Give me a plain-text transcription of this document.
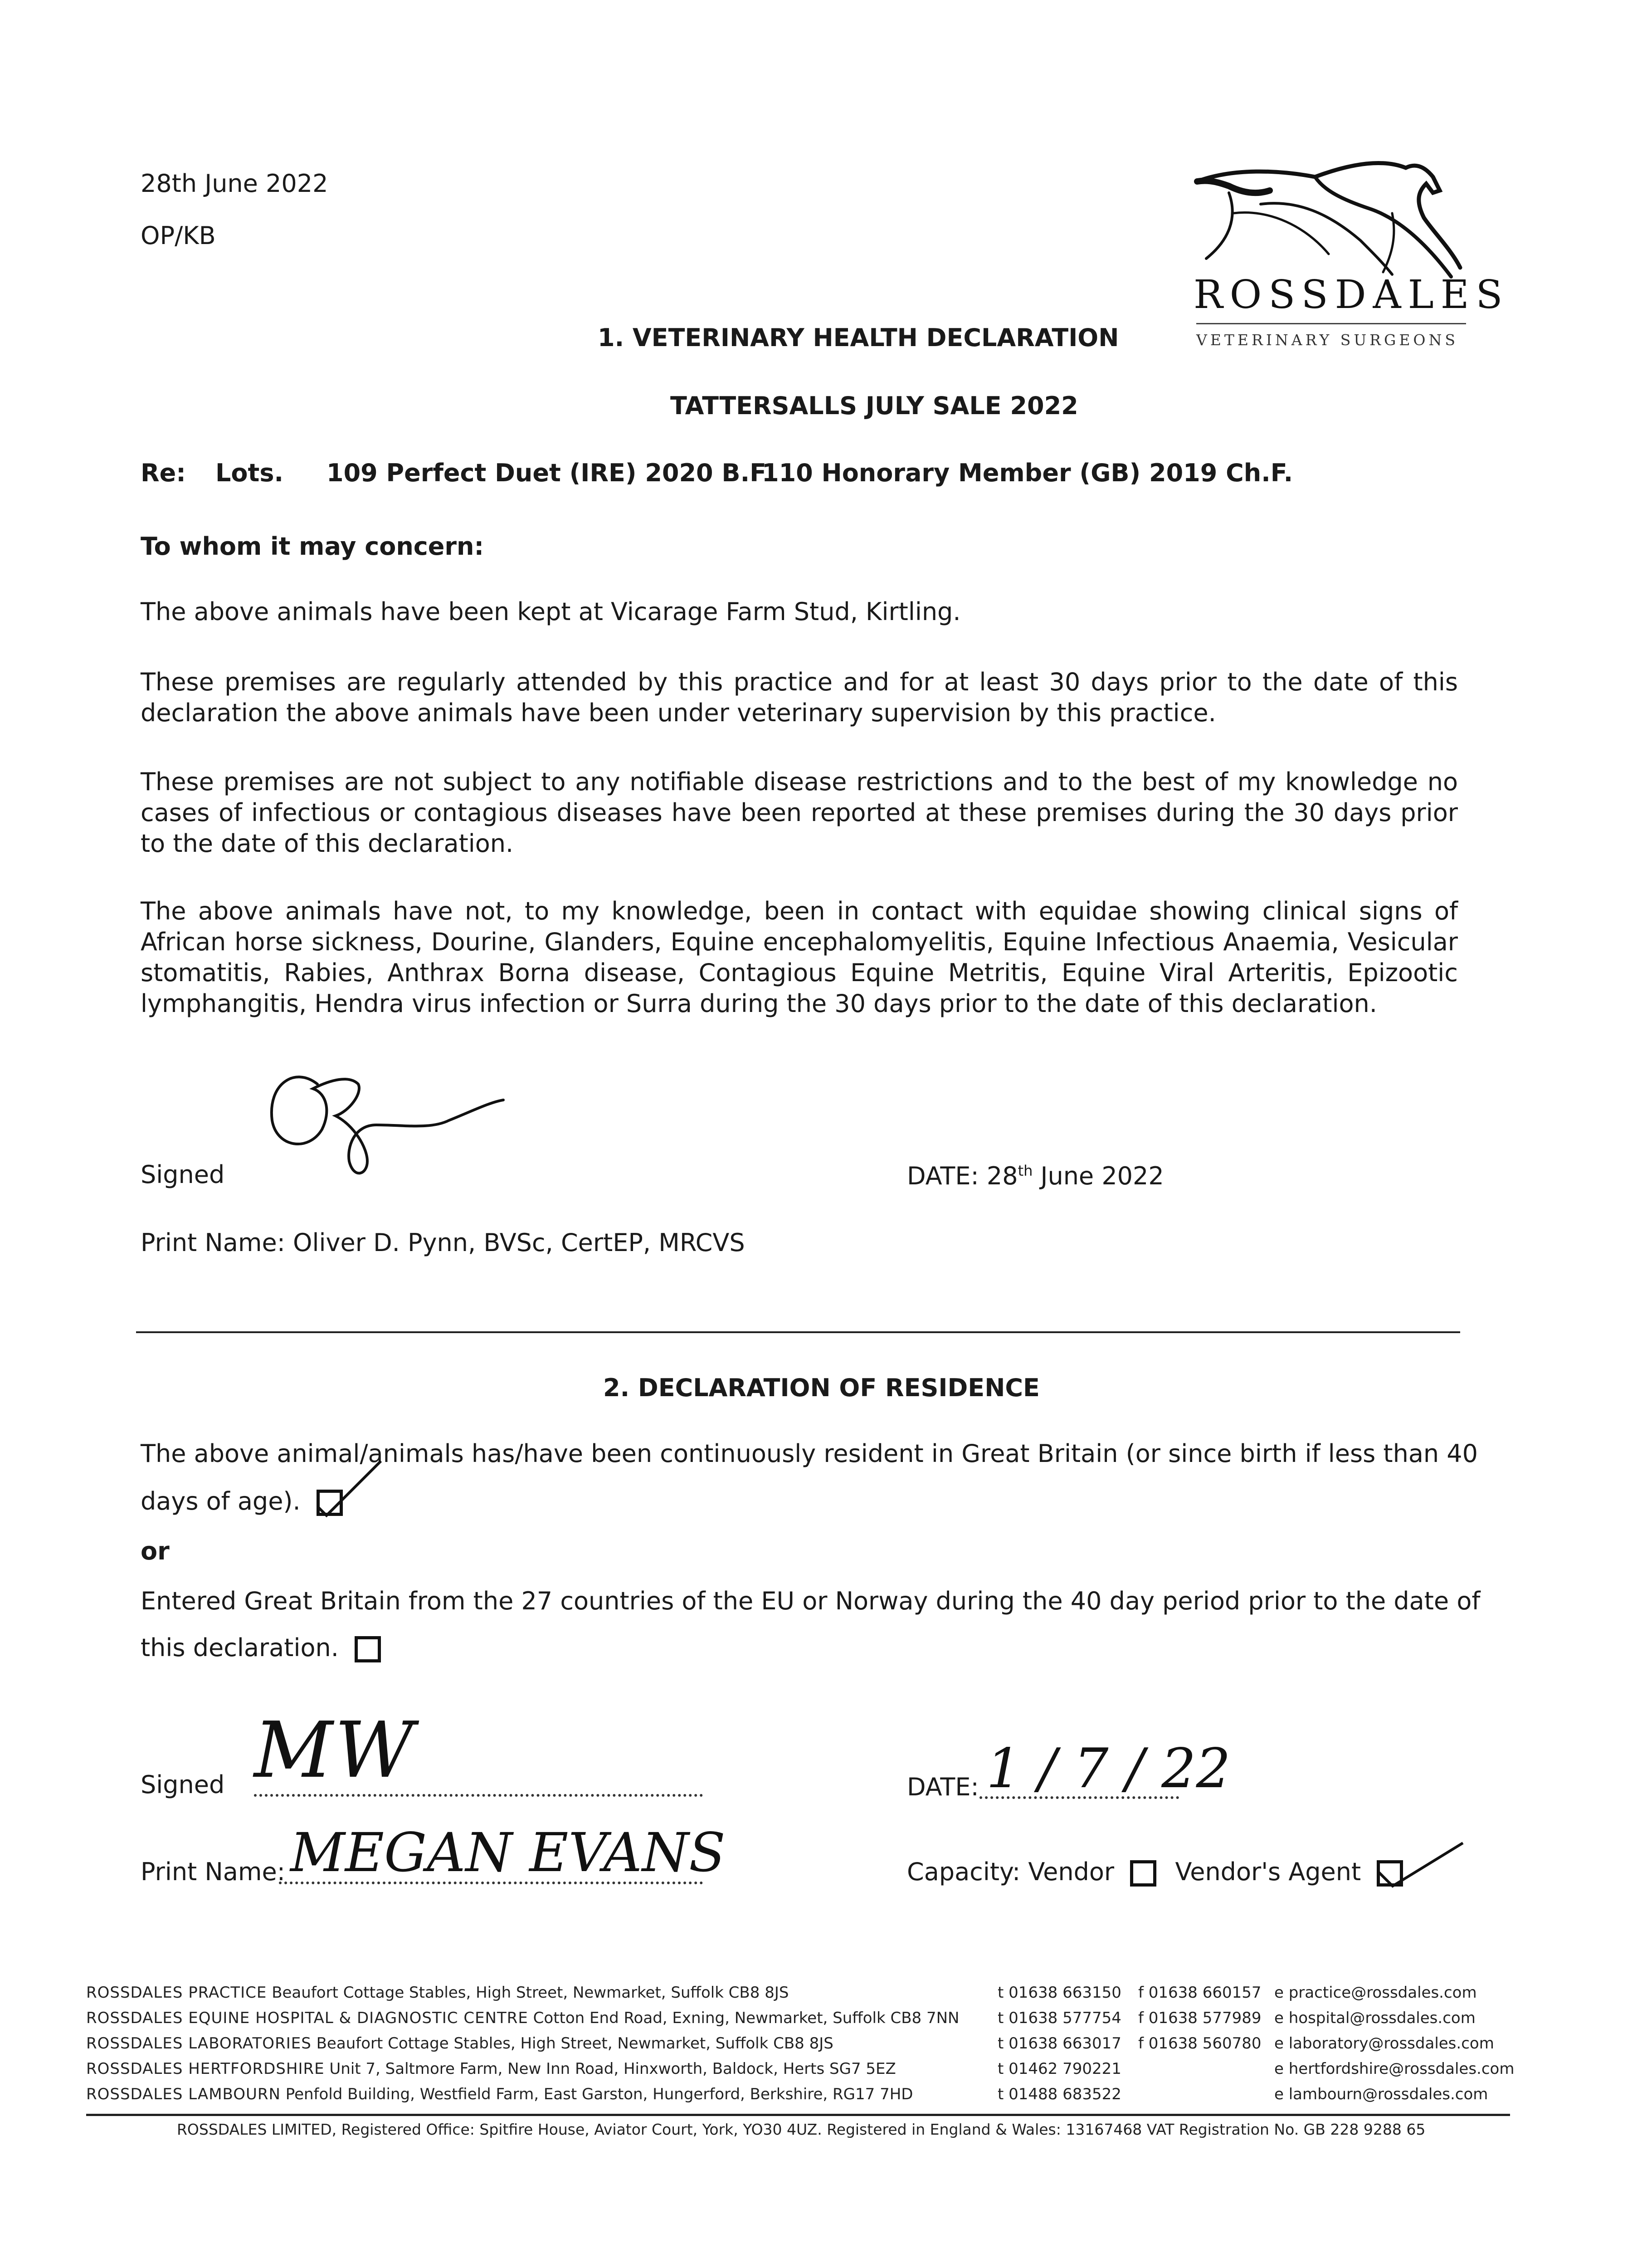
28th June 2022
OP/KB
ROSSDALES
VETERINARY SURGEONS
1. VETERINARY HEALTH DECLARATION
TATTERSALLS JULY SALE 2022
Re: Lots. 109 Perfect Duet (IRE) 2020 B.F
110 Honorary Member (GB) 2019 Ch.F.
To whom it may concern:
The above animals have been kept at Vicarage Farm Stud, Kirtling.
These premises are regularly attended by this practice and for at least 30 days prior to the date of this declaration the above animals have been under veterinary supervision by this practice.
These premises are not subject to any notifiable disease restrictions and to the best of my knowledge no cases of infectious or contagious diseases have been reported at these premises during the 30 days prior to the date of this declaration.
The above animals have not, to my knowledge, been in contact with equidae showing clinical signs of African horse sickness, Dourine, Glanders, Equine encephalomyelitis, Equine Infectious Anaemia, Vesicular stomatitis, Rabies, Anthrax Borna disease, Contagious Equine Metritis, Equine Viral Arteritis, Epizootic lymphangitis, Hendra virus infection or Surra during the 30 days prior to the date of this declaration.
Signed	DATE: 28th June 2022
Print Name: Oliver D. Pynn, BVSc, CertEP, MRCVS
2. DECLARATION OF RESIDENCE
The above animal/animals has/have been continuously resident in Great Britain (or since birth if less than 40
days of age).
or
Entered Great Britain from the 27 countries of the EU or Norway during the 40 day period prior to the date of
this declaration.
Signed MW	DATE: 1 / 7 / 22
Print Name: MEGAN EVANS	Capacity: Vendor Vendor's Agent
ROSSDALES PRACTICE Beaufort Cottage Stables, High Street, Newmarket, Suffolk CB8 8JS	t 01638 663150 f 01638 660157 e practice@rossdales.com
ROSSDALES EQUINE HOSPITAL & DIAGNOSTIC CENTRE Cotton End Road, Exning, Newmarket, Suffolk CB8 7NN t 01638 577754 f 01638 577989 e hospital@rossdales.com
ROSSDALES LABORATORIES Beaufort Cottage Stables, High Street, Newmarket, Suffolk CB8 8JS	t 01638 663017 f 01638 560780 e laboratory@rossdales.com
ROSSDALES HERTFORDSHIRE Unit 7, Saltmore Farm, New Inn Road, Hinxworth, Baldock, Herts SG7 5EZ	t 01462 790221	e hertfordshire@rossdales.com
ROSSDALES LAMBOURN Penfold Building, Westfield Farm, East Garston, Hungerford, Berkshire, RG17 7HD	t 01488 683522	e lambourn@rossdales.com
ROSSDALES LIMITED, Registered Office: Spitfire House, Aviator Court, York, YO30 4UZ. Registered in England & Wales: 13167468 VAT Registration No. GB 228 9288 65
